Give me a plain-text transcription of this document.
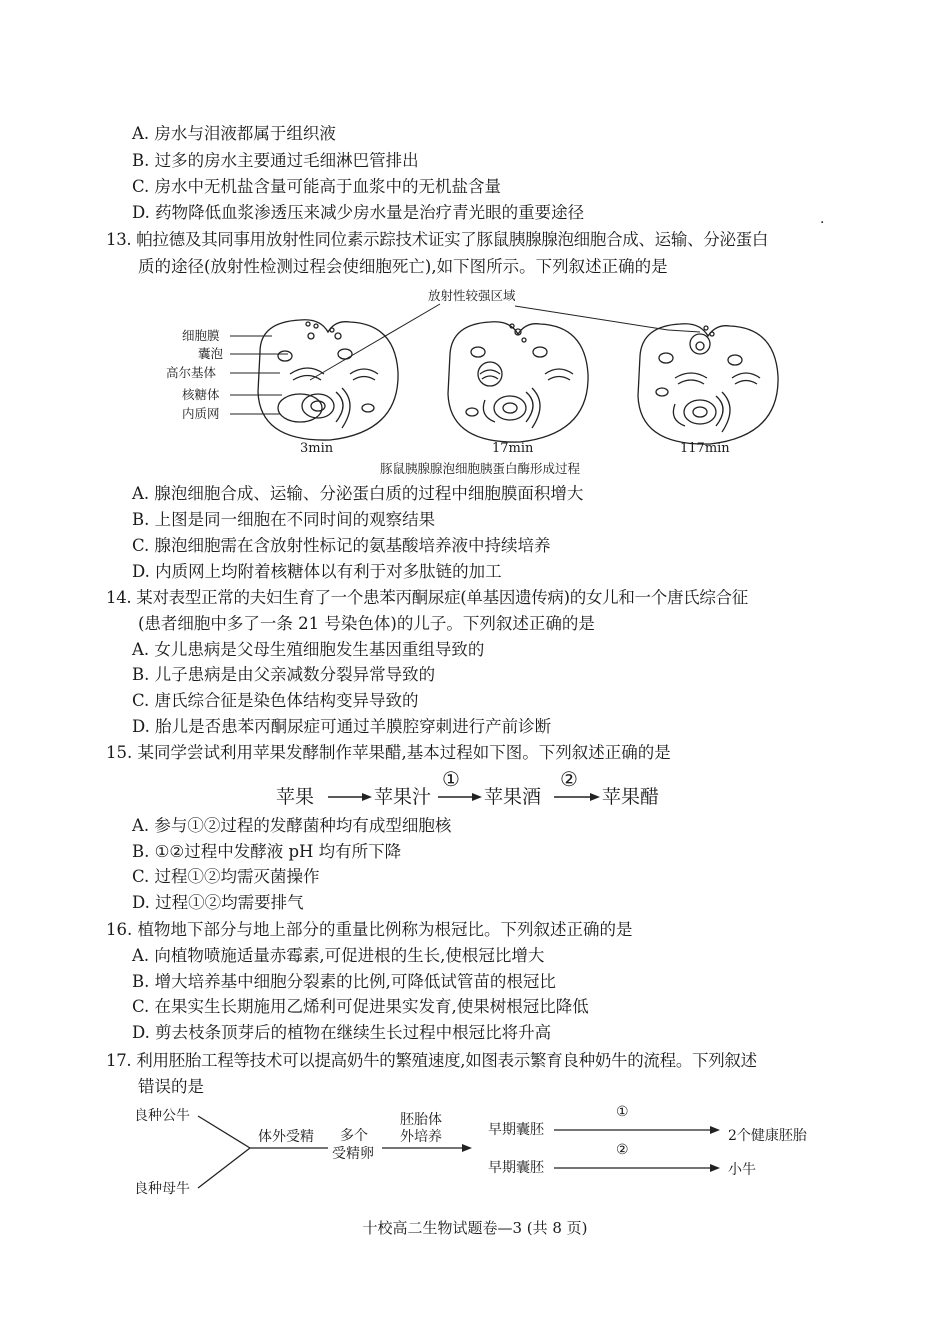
A. 房水与泪液都属于组织液
B. 过多的房水主要通过毛细淋巴管排出
C. 房水中无机盐含量可能高于血浆中的无机盐含量
D. 药物降低血浆渗透压来减少房水量是治疗青光眼的重要途径
·
13. 帕拉德及其同事用放射性同位素示踪技术证实了豚鼠胰腺腺泡细胞合成、运输、分泌蛋白
质的途径(放射性检测过程会使细胞死亡),如下图所示。下列叙述正确的是
放射性较强区域
细胞膜
囊泡
高尔基体
核糖体
内质网
3min	17min	117min
豚鼠胰腺腺泡细胞胰蛋白酶形成过程
A. 腺泡细胞合成、运输、分泌蛋白质的过程中细胞膜面积增大
B. 上图是同一细胞在不同时间的观察结果
C. 腺泡细胞需在含放射性标记的氨基酸培养液中持续培养
D. 内质网上均附着核糖体以有利于对多肽链的加工
14. 某对表型正常的夫妇生育了一个患苯丙酮尿症(单基因遗传病)的女儿和一个唐氏综合征
(患者细胞中多了一条 21 号染色体)的儿子。下列叙述正确的是
A. 女儿患病是父母生殖细胞发生基因重组导致的
B. 儿子患病是由父亲减数分裂异常导致的
C. 唐氏综合征是染色体结构变异导致的
D. 胎儿是否患苯丙酮尿症可通过羊膜腔穿刺进行产前诊断
15. 某同学尝试利用苹果发酵制作苹果醋,基本过程如下图。下列叙述正确的是
苹果	苹果汁
①
苹果酒
②
苹果醋
A. 参与①②过程的发酵菌种均有成型细胞核
B. ①②过程中发酵液 pH 均有所下降
C. 过程①②均需灭菌操作
D. 过程①②均需要排气
16. 植物地下部分与地上部分的重量比例称为根冠比。下列叙述正确的是
A. 向植物喷施适量赤霉素,可促进根的生长,使根冠比增大
B. 增大培养基中细胞分裂素的比例,可降低试管苗的根冠比
C. 在果实生长期施用乙烯利可促进果实发育,使果树根冠比降低
D. 剪去枝条顶芽后的植物在继续生长过程中根冠比将升高
17. 利用胚胎工程等技术可以提高奶牛的繁殖速度,如图表示繁育良种奶牛的流程。下列叙述
错误的是
良种公牛
良种母牛
体外受精 多个
受精卵
胚胎体
外培养	早期囊胚
早期囊胚
①
②
2个健康胚胎
小牛
十校高二生物试题卷—3 (共 8 页)
